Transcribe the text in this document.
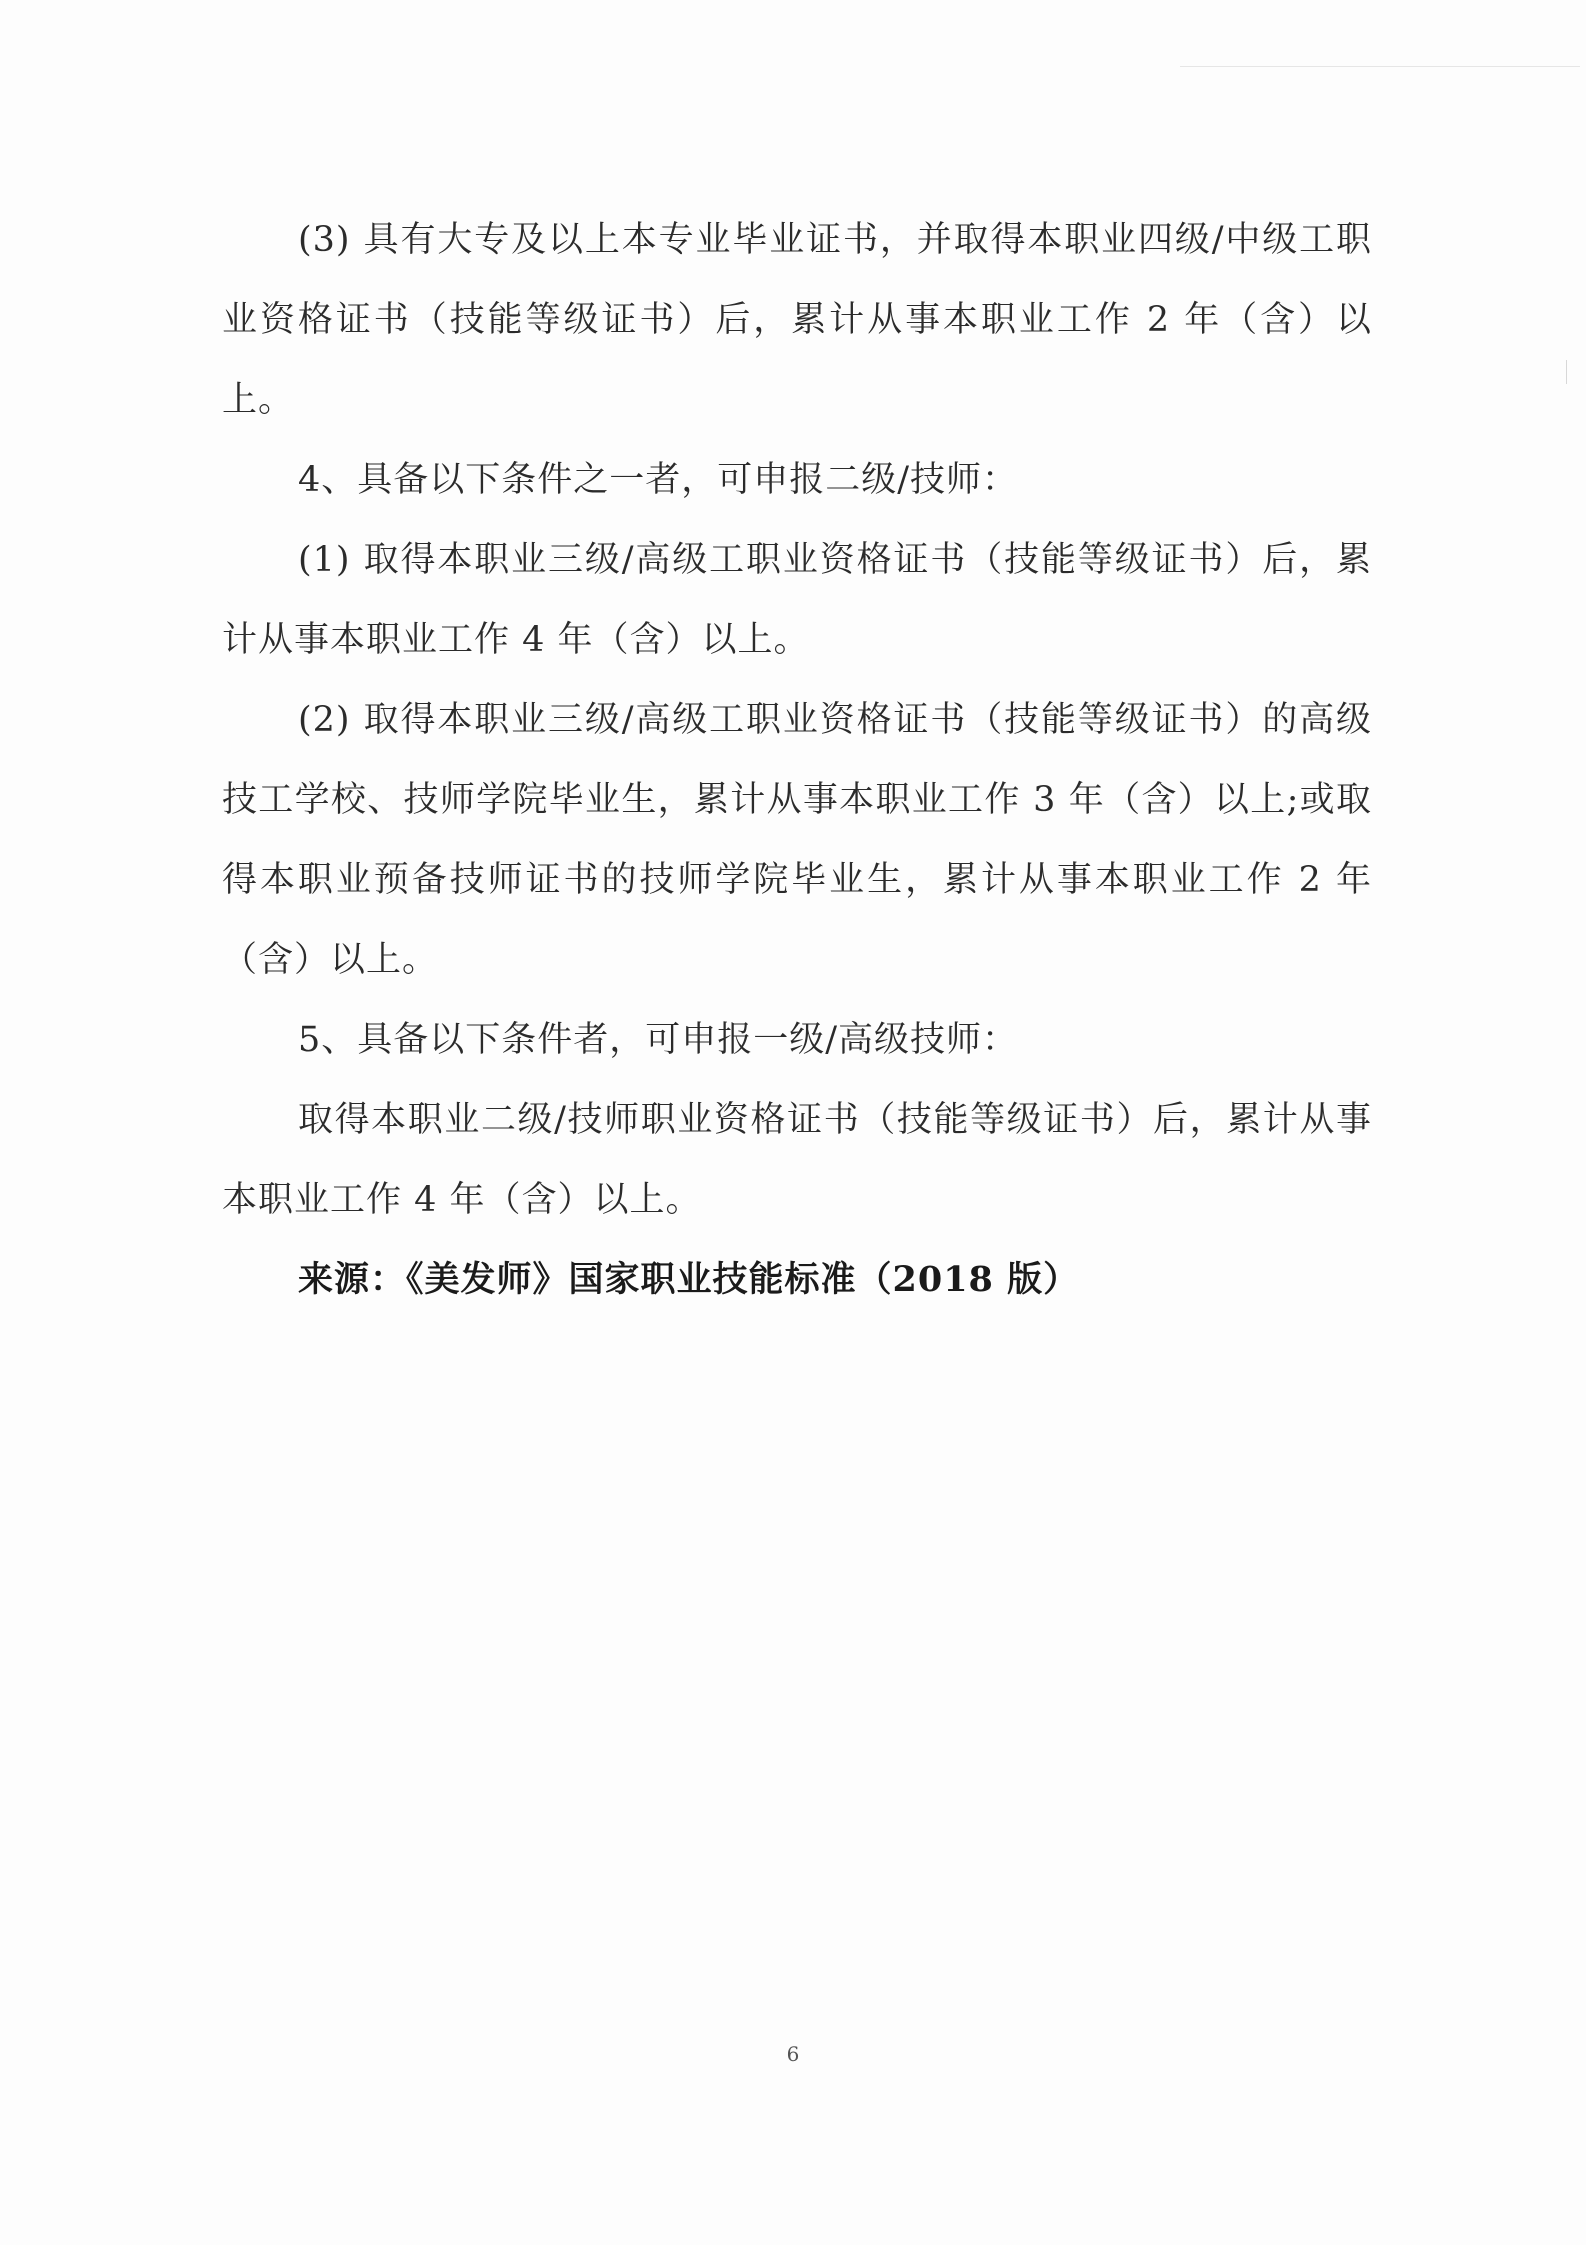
(3) 具有大专及以上本专业毕业证书，并取得本职业四级/中级工职业资格证书（技能等级证书）后，累计从事本职业工作 2 年（含）以上。

4、具备以下条件之一者，可申报二级/技师：

(1) 取得本职业三级/高级工职业资格证书（技能等级证书）后，累计从事本职业工作 4 年（含）以上。

(2) 取得本职业三级/高级工职业资格证书（技能等级证书）的高级技工学校、技师学院毕业生，累计从事本职业工作 3 年（含）以上;或取得本职业预备技师证书的技师学院毕业生，累计从事本职业工作 2 年（含）以上。

5、具备以下条件者，可申报一级/高级技师：

取得本职业二级/技师职业资格证书（技能等级证书）后，累计从事本职业工作 4 年（含）以上。

来源：《美发师》国家职业技能标准（2018 版）

6
